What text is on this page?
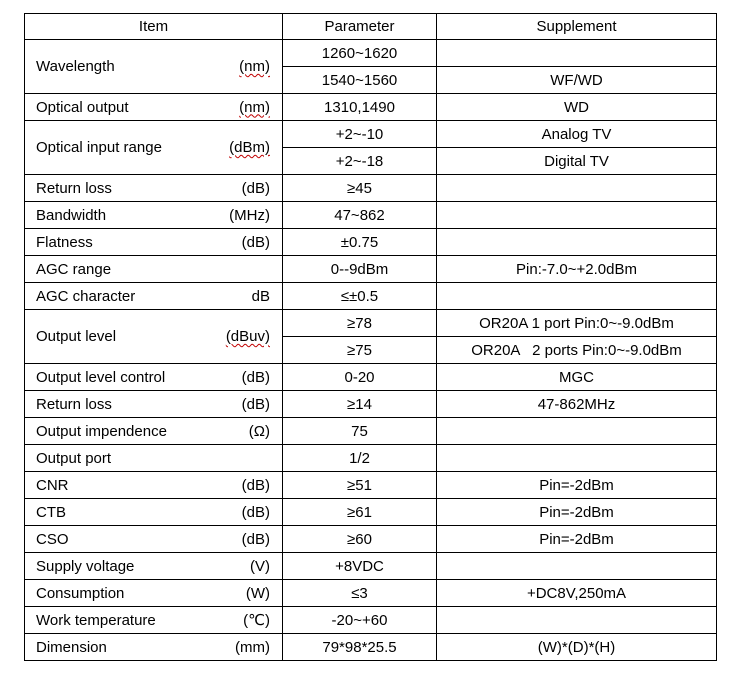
Item		Parameter	Supplement
Wavelength	(nm)	1260~1620	
		1540~1560	WF/WD
Optical output	(nm)	1310,1490	WD
Optical input range	(dBm)	+2~-10	Analog TV
		+2~-18	Digital TV
Return loss	(dB)	≥45	
Bandwidth	(MHz)	47~862	
Flatness	(dB)	±0.75	
AGC range		0--9dBm	Pin:-7.0~+2.0dBm
AGC character	dB	≤±0.5	
Output level	(dBuv)	≥78	OR20A 1 port Pin:0~-9.0dBm
		≥75	OR20A   2 ports Pin:0~-9.0dBm
Output level control	(dB)	0-20	MGC
Return loss	(dB)	≥14	47-862MHz
Output impendence	(Ω)	75	
Output port		1/2	
CNR	(dB)	≥51	Pin=-2dBm
CTB	(dB)	≥61	Pin=-2dBm
CSO	(dB)	≥60	Pin=-2dBm
Supply voltage	(V)	+8VDC	
Consumption	(W)	≤3	+DC8V,250mA
Work temperature	(℃)	-20~+60	
Dimension	(mm)	79*98*25.5	(W)*(D)*(H)
